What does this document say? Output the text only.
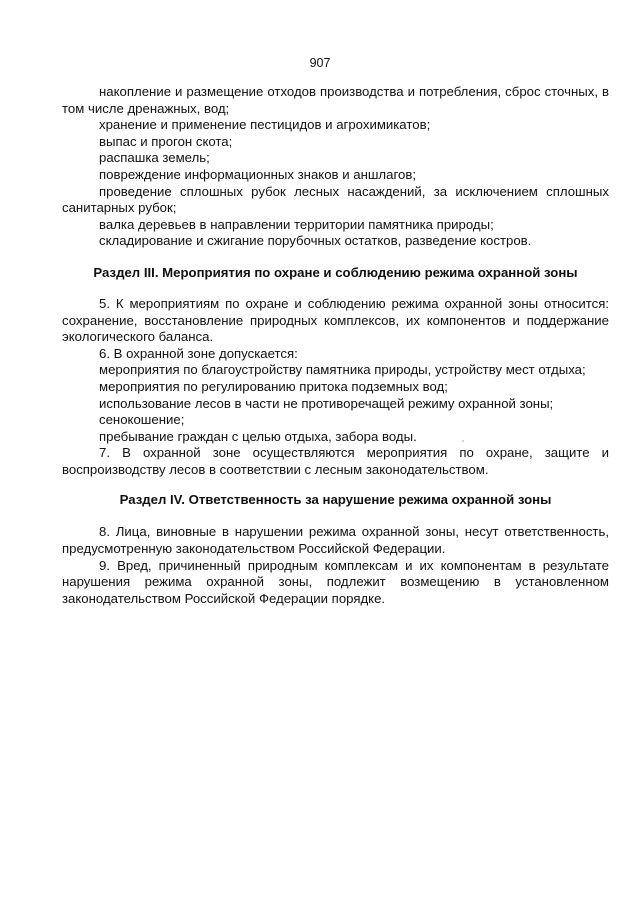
907

накопление и размещение отходов производства и потребления, сброс сточных, в том числе дренажных, вод;

хранение и применение пестицидов и агрохимикатов;

выпас и прогон скота;

распашка земель;

повреждение информационных знаков и аншлагов;

проведение сплошных рубок лесных насаждений, за исключением сплошных санитарных рубок;

валка деревьев в направлении территории памятника природы;

складирование и сжигание порубочных остатков, разведение костров.

Раздел III. Мероприятия по охране и соблюдению режима охранной зоны

5. К мероприятиям по охране и соблюдению режима охранной зоны относится: сохранение, восстановление природных комплексов, их компонентов и поддержание экологического баланса.

6. В охранной зоне допускается:

мероприятия по благоустройству памятника природы, устройству мест отдыха;

мероприятия по регулированию притока подземных вод;

использование лесов в части не противоречащей режиму охранной зоны;

сенокошение;

пребывание граждан с целью отдыха, забора воды.

7. В охранной зоне осуществляются мероприятия по охране, защите и воспроизводству лесов в соответствии с лесным законодательством.

Раздел IV. Ответственность за нарушение режима охранной зоны

8. Лица, виновные в нарушении режима охранной зоны, несут ответственность, предусмотренную законодательством Российской Федерации.

9. Вред, причиненный природным комплексам и их компонентам в результате нарушения режима охранной зоны, подлежит возмещению в установленном законодательством Российской Федерации порядке.
